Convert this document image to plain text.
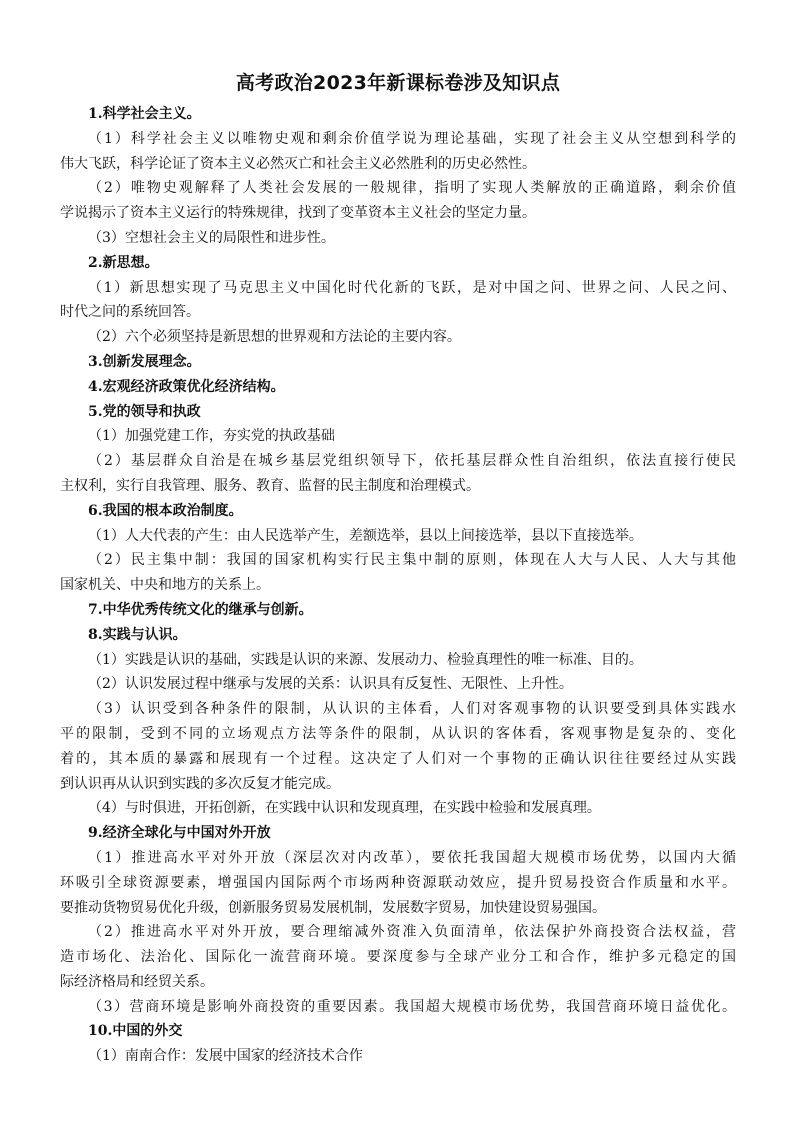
高考政治2023年新课标卷涉及知识点
1.科学社会主义。
（1）科学社会主义以唯物史观和剩余价值学说为理论基础，实现了社会主义从空想到科学的
伟大飞跃，科学论证了资本主义必然灭亡和社会主义必然胜利的历史必然性。
（2）唯物史观解释了人类社会发展的一般规律，指明了实现人类解放的正确道路，剩余价值
学说揭示了资本主义运行的特殊规律，找到了变革资本主义社会的坚定力量。
（3）空想社会主义的局限性和进步性。
2.新思想。
（1）新思想实现了马克思主义中国化时代化新的飞跃，是对中国之问、世界之问、人民之问、
时代之问的系统回答。
（2）六个必须坚持是新思想的世界观和方法论的主要内容。
3.创新发展理念。
4.宏观经济政策优化经济结构。
5.党的领导和执政
（1）加强党建工作，夯实党的执政基础
（2）基层群众自治是在城乡基层党组织领导下，依托基层群众性自治组织，依法直接行使民
主权利，实行自我管理、服务、教育、监督的民主制度和治理模式。
6.我国的根本政治制度。
（1）人大代表的产生：由人民选举产生，差额选举，县以上间接选举，县以下直接选举。
（2）民主集中制：我国的国家机构实行民主集中制的原则，体现在人大与人民、人大与其他
国家机关、中央和地方的关系上。
7.中华优秀传统文化的继承与创新。
8.实践与认识。
（1）实践是认识的基础，实践是认识的来源、发展动力、检验真理性的唯一标准、目的。
（2）认识发展过程中继承与发展的关系：认识具有反复性、无限性、上升性。
（3）认识受到各种条件的限制，从认识的主体看，人们对客观事物的认识要受到具体实践水
平的限制，受到不同的立场观点方法等条件的限制，从认识的客体看，客观事物是复杂的、变化
着的，其本质的暴露和展现有一个过程。这决定了人们对一个事物的正确认识往往要经过从实践
到认识再从认识到实践的多次反复才能完成。
（4）与时俱进，开拓创新，在实践中认识和发现真理，在实践中检验和发展真理。
9.经济全球化与中国对外开放
（1）推进高水平对外开放（深层次对内改革），要依托我国超大规模市场优势，以国内大循
环吸引全球资源要素，增强国内国际两个市场两种资源联动效应，提升贸易投资合作质量和水平。
要推动货物贸易优化升级，创新服务贸易发展机制，发展数字贸易，加快建设贸易强国。
（2）推进高水平对外开放，要合理缩减外资准入负面清单，依法保护外商投资合法权益，营
造市场化、法治化、国际化一流营商环境。要深度参与全球产业分工和合作，维护多元稳定的国
际经济格局和经贸关系。
（3）营商环境是影响外商投资的重要因素。我国超大规模市场优势，我国营商环境日益优化。
10.中国的外交
（1）南南合作：发展中国家的经济技术合作
